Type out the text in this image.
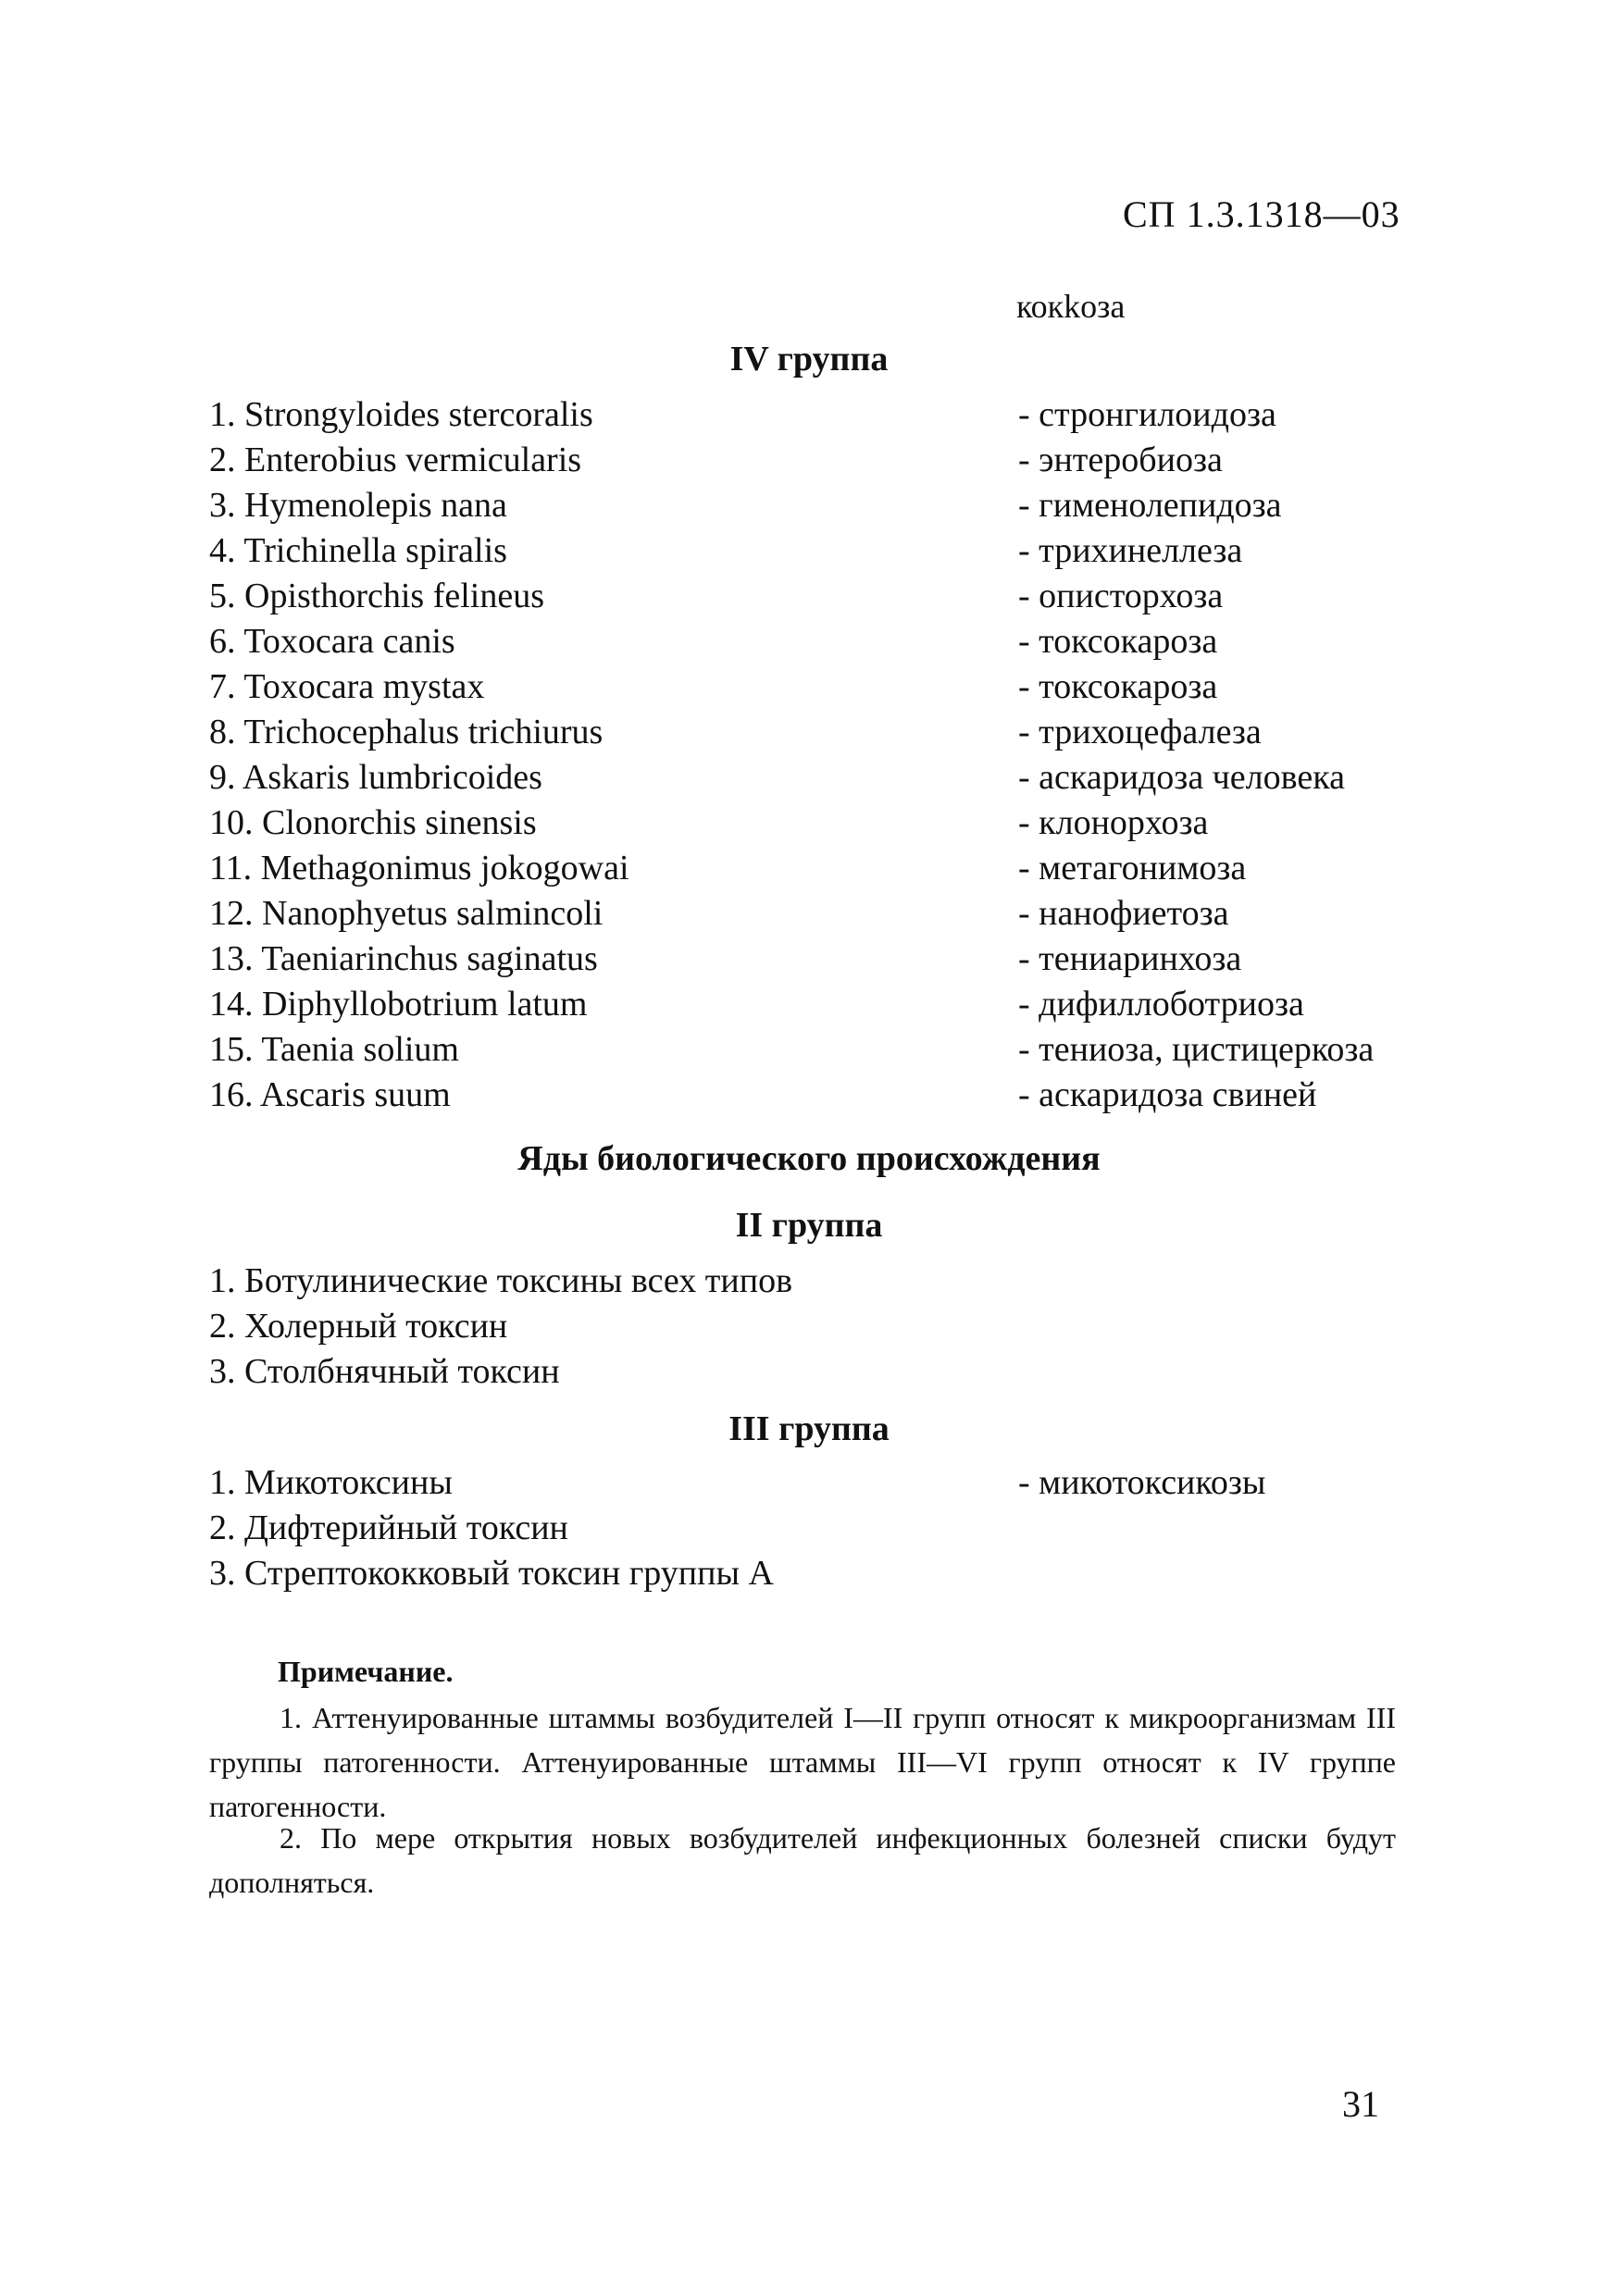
СП 1.3.1318—03
кокkоза
IV группа
1. Strongyloides stercoralis	- стронгилоидоза
2. Enterobius vermicularis	- энтеробиоза
3. Hymenolepis nana	- гименолепидоза
4. Trichinella spiralis	- трихинеллеза
5. Opisthorchis felineus	- описторхоза
6. Toxocara canis	- токсокароза
7. Toxocara mystax	- токсокароза
8. Trichocephalus trichiurus	- трихоцефалеза
9. Askaris lumbricoides	- аскаридоза человека
10. Clonorchis sinensis	- клонорхоза
11. Methagonimus jokogowai	- метагонимоза
12. Nanophyetus salmincoli	- нанофиетоза
13. Taeniarinchus saginatus	- тениаринхоза
14. Diphyllobotrium latum	- дифиллоботриоза
15. Taenia solium	- тениоза, цистицеркоза
16. Ascaris suum	- аскаридоза свиней
Яды биологического происхождения
II группа
1. Ботулинические токсины всех типов
2. Холерный токсин
3. Столбнячный токсин
III группа
1. Микотоксины	- микотоксикозы
2. Дифтерийный токсин
3. Стрептококковый токсин группы А
Примечание.
1. Аттенуированные штаммы возбудителей I—II групп относят к микроорганизмам III группы патогенности. Аттенуированные штаммы III—VI групп относят к IV группе патогенности.
2. По мере открытия новых возбудителей инфекционных болезней списки будут дополняться.
31
